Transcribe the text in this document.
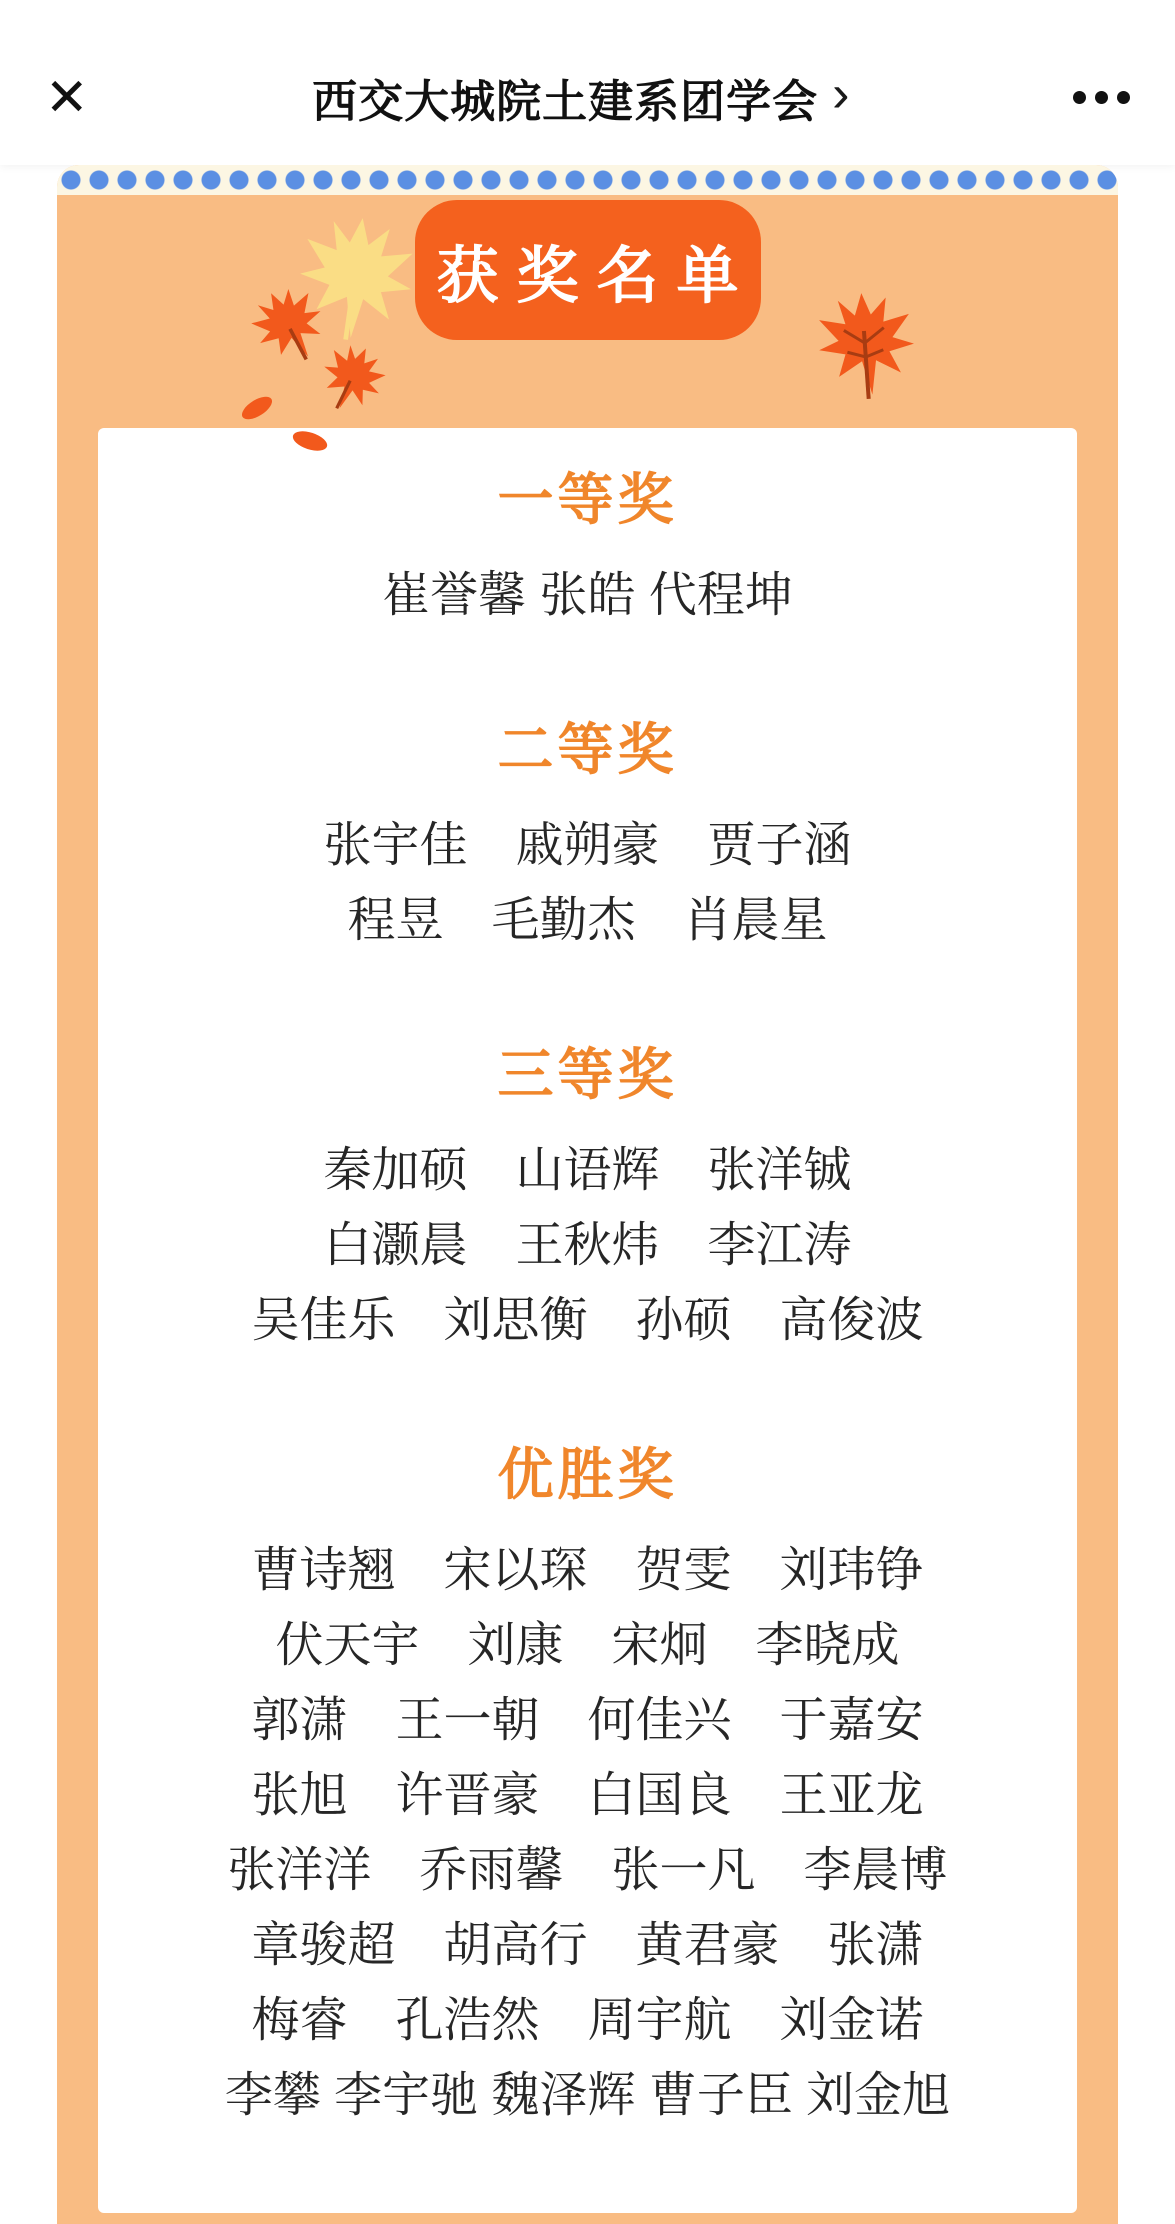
✕	西交大城院土建系团学会 ›
获奖名单
一等奖

崔誉馨 张皓 代程坤

二等奖

张宇佳　戚朔豪　贾子涵

程昱　毛勤杰　肖晨星

三等奖

秦加硕　山语辉　张洋铖

白灏晨　王秋炜　李江涛

吴佳乐　刘思衡　孙硕　高俊波

优胜奖

曹诗翘　宋以琛　贺雯　刘玮铮

伏天宇　刘康　宋炯　李晓成

郭潇　王一朝　何佳兴　于嘉安

张旭　许晋豪　白国良　王亚龙

张洋洋　乔雨馨　张一凡　李晨博

章骏超　胡高行　黄君豪　张潇

梅睿　孔浩然　周宇航　刘金诺

李攀 李宇驰 魏泽辉 曹子臣 刘金旭
